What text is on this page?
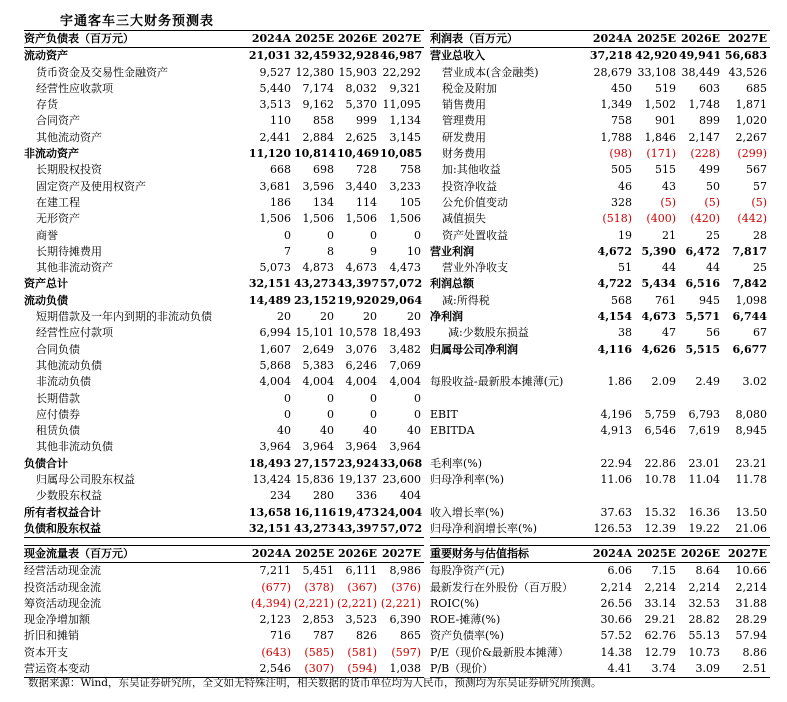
宇通客车三大财务预测表
资产负债表（百万元）	2024A	2025E	2026E	2027E
流动资产	21,031	32,459	32,928	46,987
货币资金及交易性金融资产	9,527	12,380	15,903	22,292
经营性应收款项	5,440	7,174	8,032	9,321
存货	3,513	9,162	5,370	11,095
合同资产	110	858	999	1,134
其他流动资产	2,441	2,884	2,625	3,145
非流动资产	11,120	10,814	10,469	10,085
长期股权投资	668	698	728	758
固定资产及使用权资产	3,681	3,596	3,440	3,233
在建工程	186	134	114	105
无形资产	1,506	1,506	1,506	1,506
商誉	0	0	0	0
长期待摊费用	7	8	9	10
其他非流动资产	5,073	4,873	4,673	4,473
资产总计	32,151	43,273	43,397	57,072
流动负债	14,489	23,152	19,920	29,064
短期借款及一年内到期的非流动负债	20	20	20	20
经营性应付款项	6,994	15,101	10,578	18,493
合同负债	1,607	2,649	3,076	3,482
其他流动负债	5,868	5,383	6,246	7,069
非流动负债	4,004	4,004	4,004	4,004
长期借款	0	0	0	0
应付债券	0	0	0	0
租赁负债	40	40	40	40
其他非流动负债	3,964	3,964	3,964	3,964
负债合计	18,493	27,157	23,924	33,068
归属母公司股东权益	13,424	15,836	19,137	23,600
少数股东权益	234	280	336	404
所有者权益合计	13,658	16,116	19,473	24,004
负债和股东权益	32,151	43,273	43,397	57,072
利润表（百万元）	2024A	2025E	2026E	2027E
营业总收入	37,218	42,920	49,941	56,683
营业成本(含金融类)	28,679	33,108	38,449	43,526
税金及附加	450	519	603	685
销售费用	1,349	1,502	1,748	1,871
管理费用	758	901	899	1,020
研发费用	1,788	1,846	2,147	2,267
财务费用	(98)	(171)	(228)	(299)
加:其他收益	505	515	499	567
投资净收益	46	43	50	57
公允价值变动	328	(5)	(5)	(5)
减值损失	(518)	(400)	(420)	(442)
资产处置收益	19	21	25	28
营业利润	4,672	5,390	6,472	7,817
营业外净收支	51	44	44	25
利润总额	4,722	5,434	6,516	7,842
减:所得税	568	761	945	1,098
净利润	4,154	4,673	5,571	6,744
减:少数股东损益	38	47	56	67
归属母公司净利润	4,116	4,626	5,515	6,677

每股收益-最新股本摊薄(元)	1.86	2.09	2.49	3.02

EBIT	4,196	5,759	6,793	8,080
EBITDA	4,913	6,546	7,619	8,945

毛利率(%)	22.94	22.86	23.01	23.21
归母净利率(%)	11.06	10.78	11.04	11.78

收入增长率(%)	37.63	15.32	16.36	13.50
归母净利润增长率(%)	126.53	12.39	19.22	21.06
现金流量表（百万元）	2024A	2025E	2026E	2027E
经营活动现金流	7,211	5,451	6,111	8,986
投资活动现金流	(677)	(378)	(367)	(376)
筹资活动现金流	(4,394)	(2,221)	(2,221)	(2,221)
现金净增加额	2,123	2,853	3,523	6,390
折旧和摊销	716	787	826	865
资本开支	(643)	(585)	(581)	(597)
营运资本变动	2,546	(307)	(594)	1,038
重要财务与估值指标	2024A	2025E	2026E	2027E
每股净资产(元)	6.06	7.15	8.64	10.66
最新发行在外股份（百万股）	2,214	2,214	2,214	2,214
ROIC(%)	26.56	33.14	32.53	31.88
ROE-摊薄(%)	30.66	29.21	28.82	28.29
资产负债率(%)	57.52	62.76	55.13	57.94
P/E（现价&最新股本摊薄）	14.38	12.79	10.73	8.86
P/B（现价）	4.41	3.74	3.09	2.51
数据来源：Wind，东吴证券研究所，全文如无特殊注明，相关数据的货币单位均为人民币，预测均为东吴证券研究所预测。
